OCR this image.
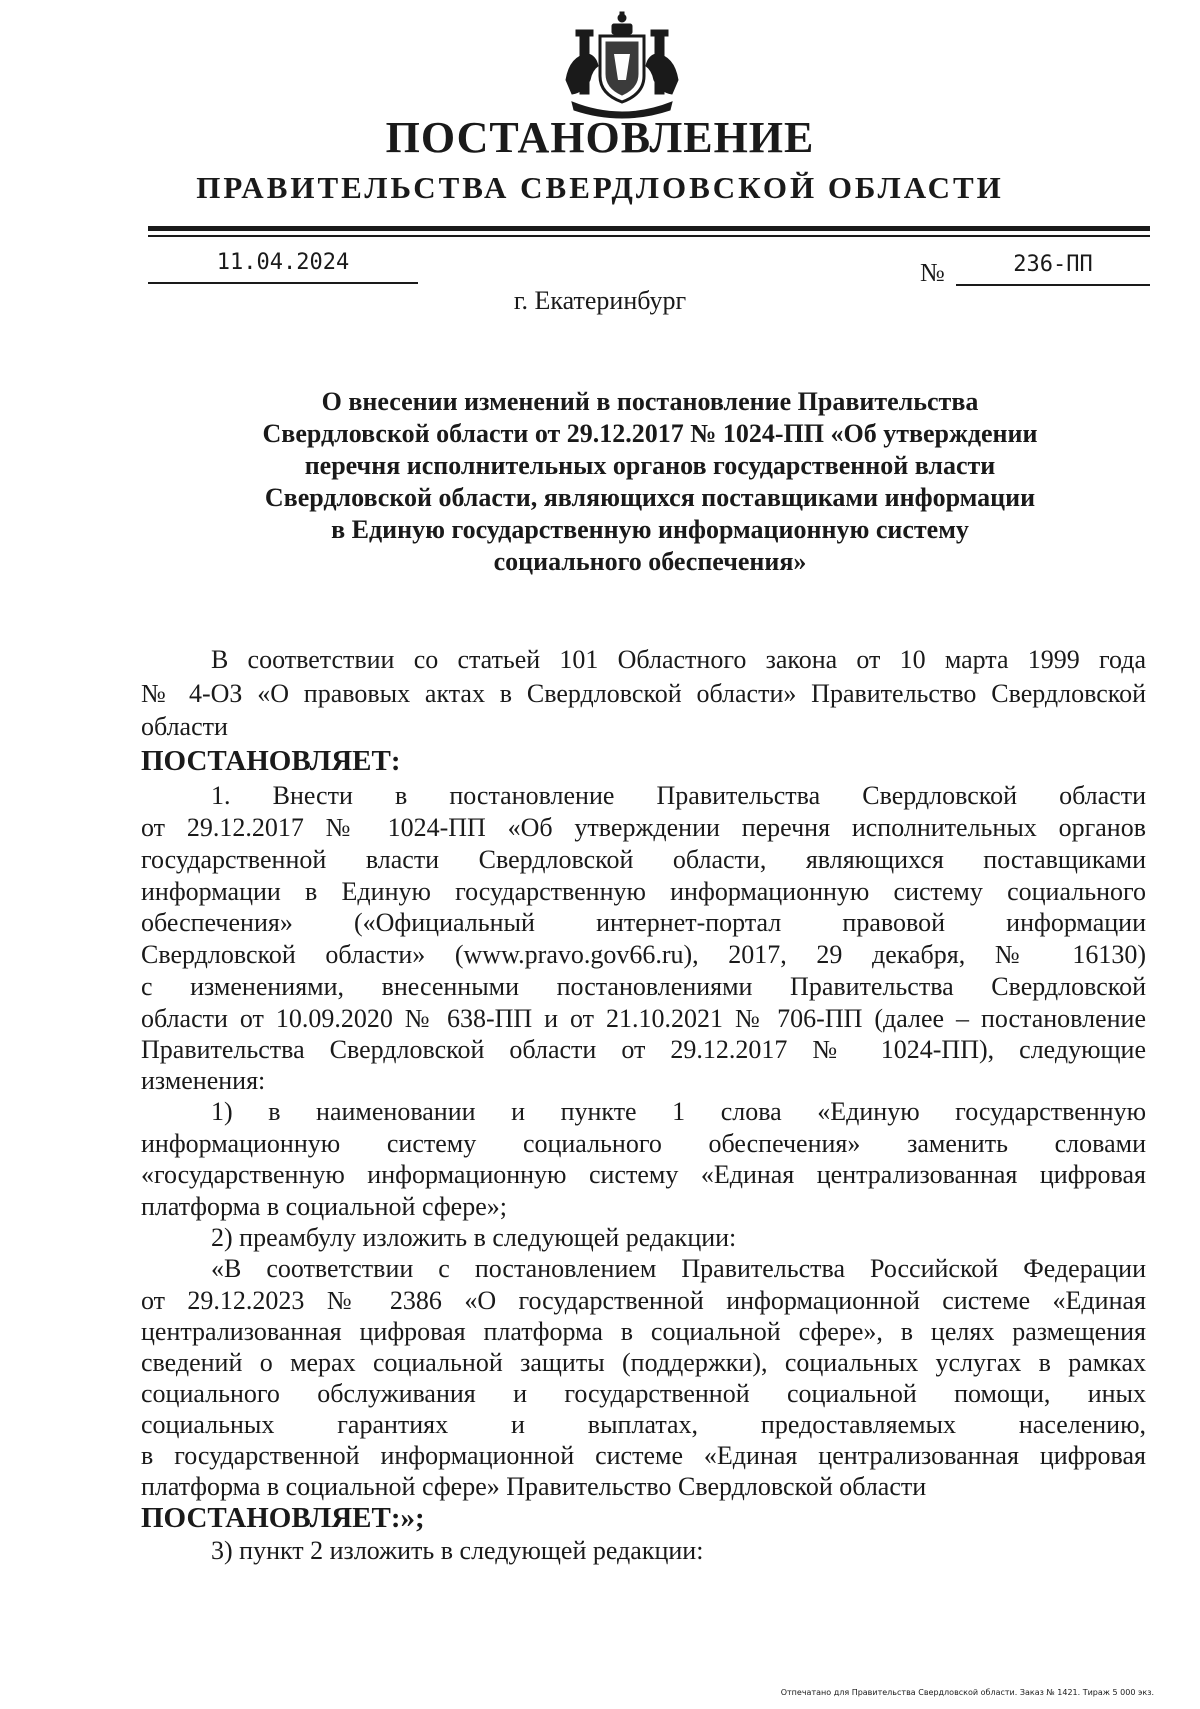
ПОСТАНОВЛЕНИЕ
ПРАВИТЕЛЬСТВА СВЕРДЛОВСКОЙ ОБЛАСТИ
11.04.2024	№	236-ПП
г. Екатеринбург
О внесении изменений в постановление Правительства
Свердловской области от 29.12.2017 № 1024-ПП «Об утверждении
перечня исполнительных органов государственной власти
Свердловской области, являющихся поставщиками информации
в Единую государственную информационную систему
социального обеспечения»

В соответствии со статьей 101 Областного закона от 10 марта 1999 года

№ 4-ОЗ «О правовых актах в Свердловской области» Правительство Свердловской

области

ПОСТАНОВЛЯЕТ:

1. Внести в постановление Правительства Свердловской области

от 29.12.2017 № 1024-ПП «Об утверждении перечня исполнительных органов

государственной власти Свердловской области, являющихся поставщиками

информации в Единую государственную информационную систему социального

обеспечения» («Официальный интернет-портал правовой информации

Свердловской области» (www.pravo.gov66.ru), 2017, 29 декабря, № 16130)

с изменениями, внесенными постановлениями Правительства Свердловской

области от 10.09.2020 № 638-ПП и от 21.10.2021 № 706-ПП (далее – постановление

Правительства Свердловской области от 29.12.2017 № 1024-ПП), следующие

изменения:

1) в наименовании и пункте 1 слова «Единую государственную

информационную систему социального обеспечения» заменить словами

«государственную информационную систему «Единая централизованная цифровая

платформа в социальной сфере»;

2) преамбулу изложить в следующей редакции:

«В соответствии с постановлением Правительства Российской Федерации

от 29.12.2023 № 2386 «О государственной информационной системе «Единая

централизованная цифровая платформа в социальной сфере», в целях размещения

сведений о мерах социальной защиты (поддержки), социальных услугах в рамках

социального обслуживания и государственной социальной помощи, иных

социальных гарантиях и выплатах, предоставляемых населению,

в государственной информационной системе «Единая централизованная цифровая

платформа в социальной сфере» Правительство Свердловской области

ПОСТАНОВЛЯЕТ:»;

3) пункт 2 изложить в следующей редакции:

Отпечатано для Правительства Свердловской области. Заказ № 1421. Тираж 5 000 экз.
